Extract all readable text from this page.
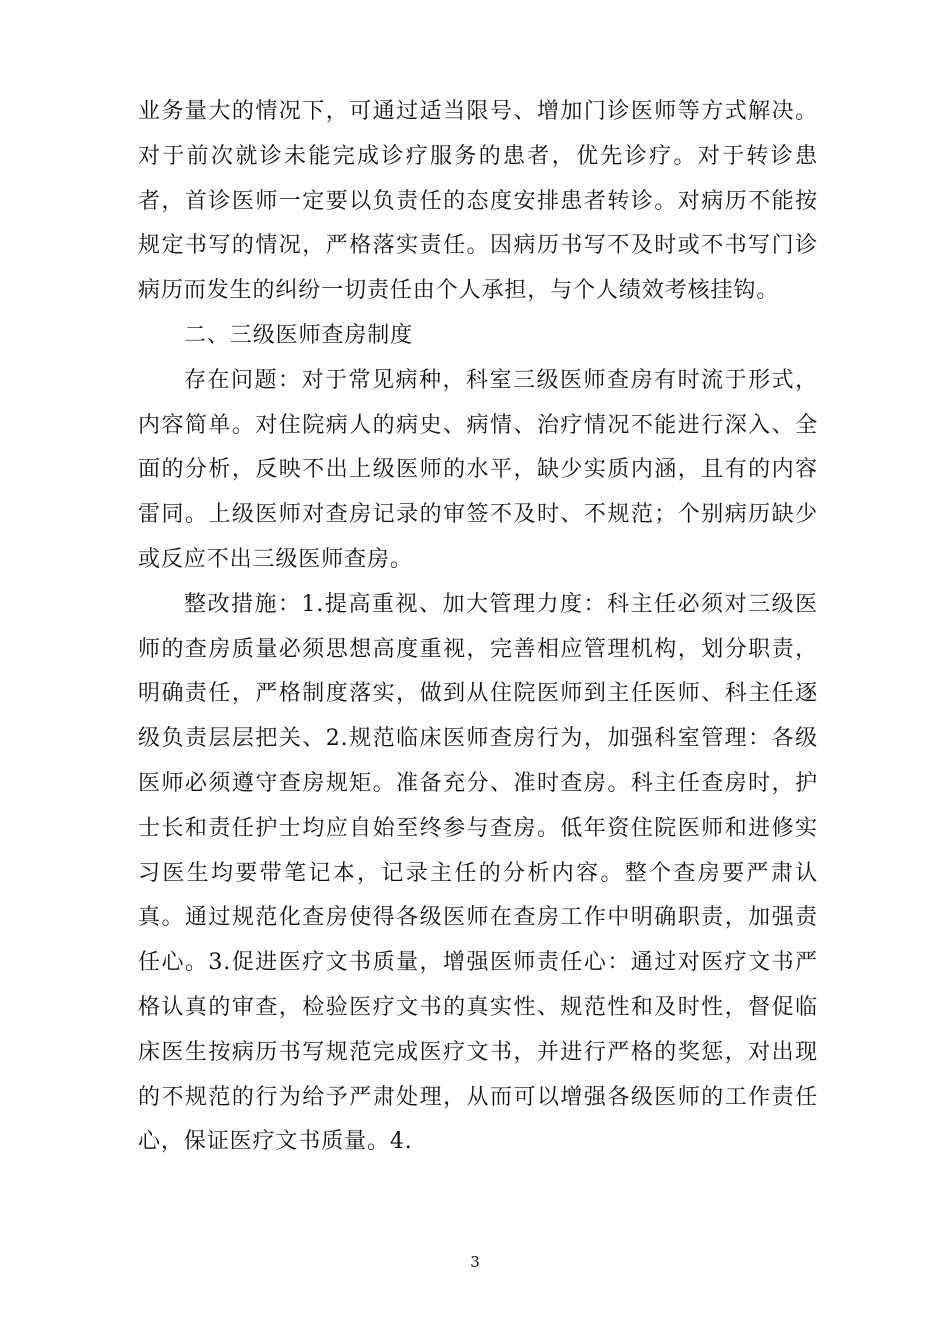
业务量大的情况下，可通过适当限号、增加门诊医师等方式解决。对于前次就诊未能完成诊疗服务的患者，优先诊疗。对于转诊患者，首诊医师一定要以负责任的态度安排患者转诊。对病历不能按规定书写的情况，严格落实责任。因病历书写不及时或不书写门诊病历而发生的纠纷一切责任由个人承担，与个人绩效考核挂钩。

二、三级医师查房制度

存在问题：对于常见病种，科室三级医师查房有时流于形式，内容简单。对住院病人的病史、病情、治疗情况不能进行深入、全面的分析，反映不出上级医师的水平，缺少实质内涵，且有的内容雷同。上级医师对查房记录的审签不及时、不规范；个别病历缺少或反应不出三级医师查房。

整改措施：1.提高重视、加大管理力度：科主任必须对三级医师的查房质量必须思想高度重视，完善相应管理机构，划分职责，明确责任，严格制度落实，做到从住院医师到主任医师、科主任逐级负责层层把关、2.规范临床医师查房行为，加强科室管理：各级医师必须遵守查房规矩。准备充分、准时查房。科主任查房时，护士长和责任护士均应自始至终参与查房。低年资住院医师和进修实习医生均要带笔记本，记录主任的分析内容。整个查房要严肃认真。通过规范化查房使得各级医师在查房工作中明确职责，加强责任心。3.促进医疗文书质量，增强医师责任心：通过对医疗文书严格认真的审查，检验医疗文书的真实性、规范性和及时性，督促临床医生按病历书写规范完成医疗文书，并进行严格的奖惩，对出现的不规范的行为给予严肃处理，从而可以增强各级医师的工作责任心，保证医疗文书质量。4.

3
